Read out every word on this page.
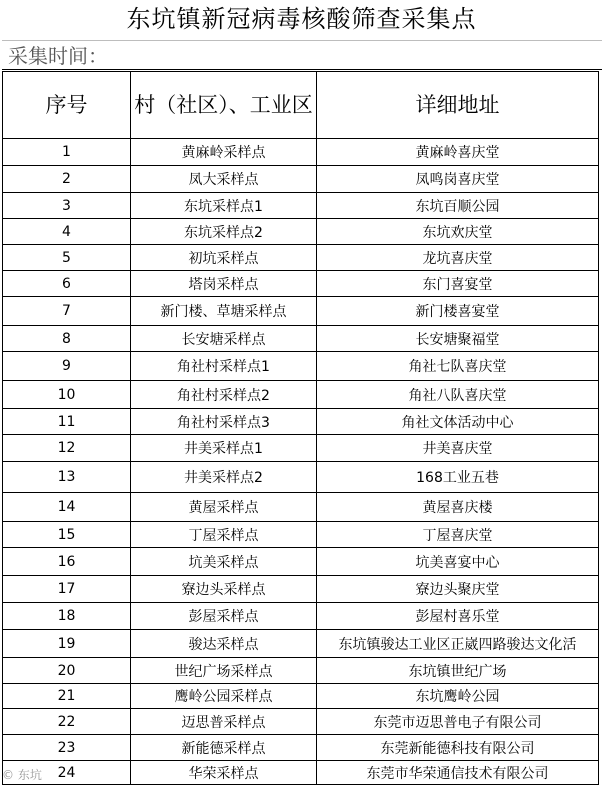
东坑镇新冠病毒核酸筛查采集点
采集时间：
序号	村（社区）、工业区	详细地址
1	黄麻岭采样点	黄麻岭喜庆堂
2	凤大采样点	凤鸣岗喜庆堂
3	东坑采样点1	东坑百顺公园
4	东坑采样点2	东坑欢庆堂
5	初坑采样点	龙坑喜庆堂
6	塔岗采样点	东门喜宴堂
7	新门楼、草塘采样点	新门楼喜宴堂
8	长安塘采样点	长安塘聚福堂
9	角社村采样点1	角社七队喜庆堂
10	角社村采样点2	角社八队喜庆堂
11	角社村采样点3	角社文体活动中心
12	井美采样点1	井美喜庆堂
13	井美采样点2	168工业五巷
14	黄屋采样点	黄屋喜庆楼
15	丁屋采样点	丁屋喜庆堂
16	坑美采样点	坑美喜宴中心
17	寮边头采样点	寮边头聚庆堂
18	彭屋采样点	彭屋村喜乐堂
19	骏达采样点	东坑镇骏达工业区正崴四路骏达文化活
20	世纪广场采样点	东坑镇世纪广场
21	鹰岭公园采样点	东坑鹰岭公园
22	迈思普采样点	东莞市迈思普电子有限公司
23	新能德采样点	东莞新能德科技有限公司
24	华荣采样点	东莞市华荣通信技术有限公司
© 东坑
